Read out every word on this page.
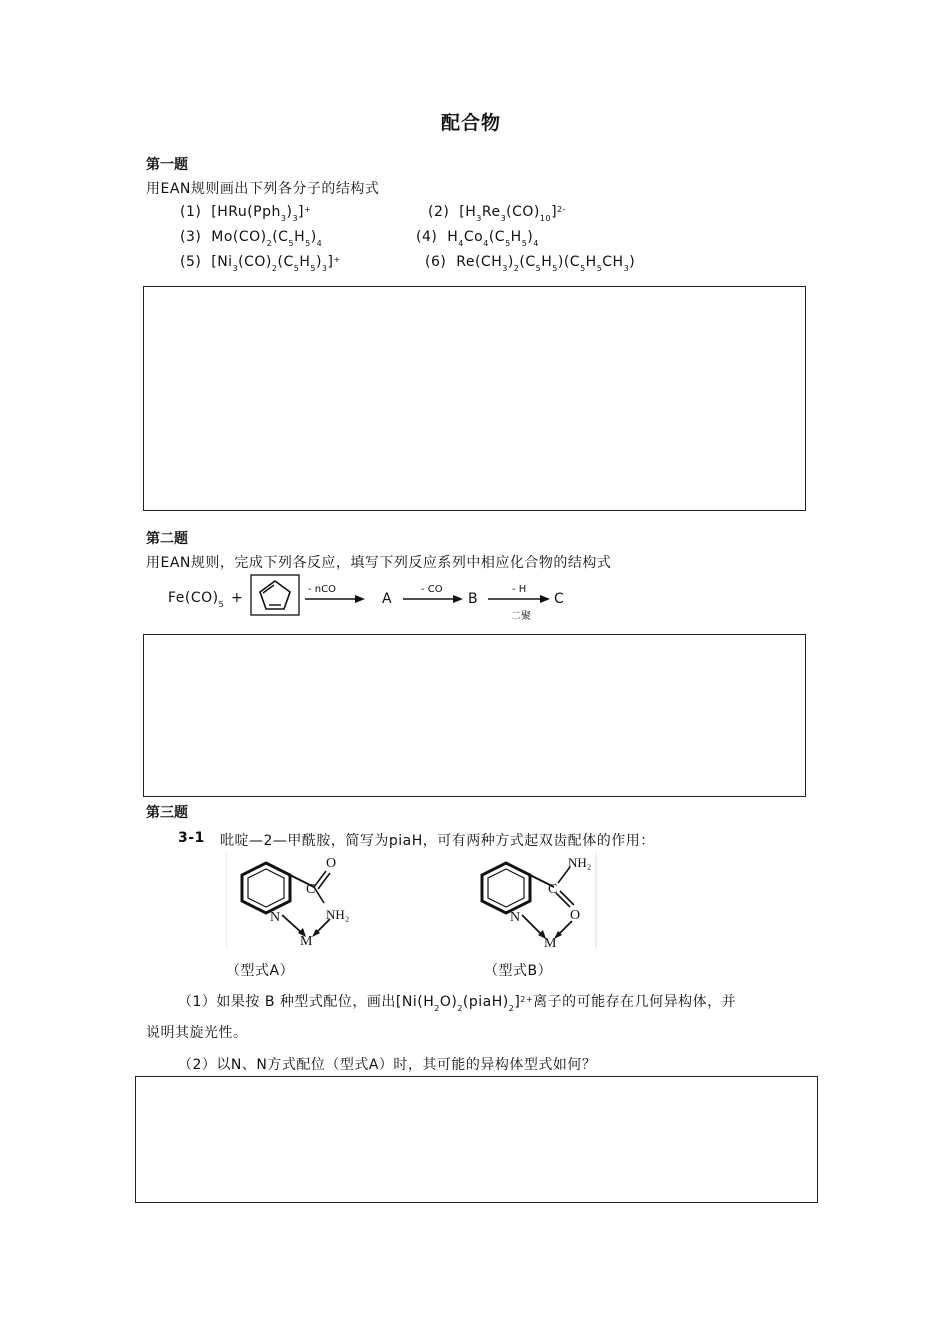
配合物
第一题
用EAN规则画出下列各分子的结构式
(1) $[HRu(Pph_3)_3]^+$	(2) $[H_3Re_3(CO)_{10}]^{2-}$
(3) $Mo(CO)_2(C_5H_5)_4$	(4) $H_4Co_4(C_5H_5)_4$
(5) $[Ni_3(CO)_2(C_5H_5)_3]^+$	(6) $Re(CH_3)_2(C_5H_5)(C_5H_5CH_3)$
第二题
用EAN规则，完成下列各反应，填写下列反应系列中相应化合物的结构式
$Fe(CO)_5$ +
- nCO
A
- CO
B
- H
二聚
C
第三题
3-1 吡啶—2—甲酰胺，简写为piaH，可有两种方式起双齿配体的作用：
C
O
N	NH₂
M
C
NH₂
N	O
M
（型式A）	（型式B）
（1）如果按 B 种型式配位，画出$[Ni(H_2O)_2(piaH)_2]^{2+}$离子的可能存在几何异构体，并
说明其旋光性。
（2）以N、N方式配位（型式A）时，其可能的异构体型式如何？
